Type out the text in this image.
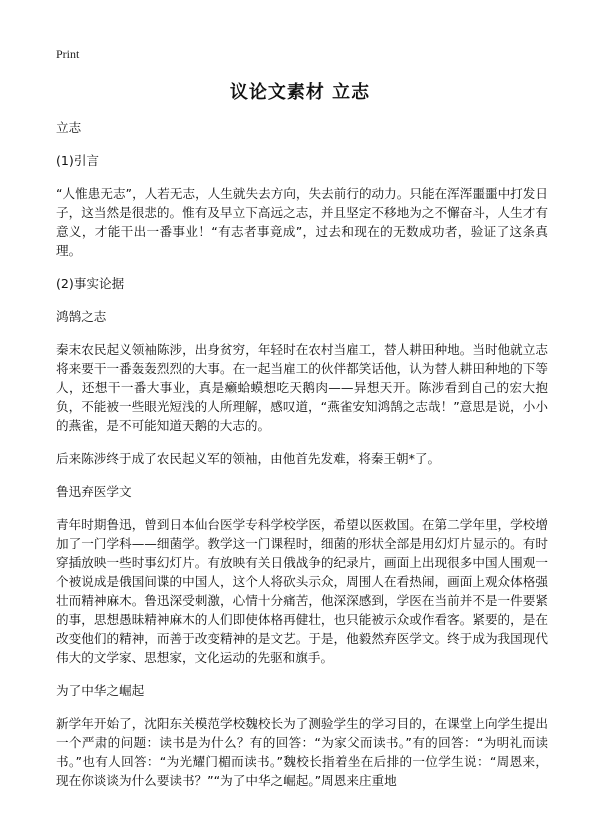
Print
议论文素材 立志

立志

(1)引言

“人惟患无志”，人若无志，人生就失去方向，失去前行的动力。只能在浑浑噩噩中打发日子，这当然是很悲的。惟有及早立下高远之志，并且坚定不移地为之不懈奋斗，人生才有意义，才能干出一番事业！“有志者事竟成”，过去和现在的无数成功者，验证了这条真理。

(2)事实论据

鸿鹄之志

秦末农民起义领袖陈涉，出身贫穷，年轻时在农村当雇工，替人耕田种地。当时他就立志将来要干一番轰轰烈烈的大事。在一起当雇工的伙伴都笑话他，认为替人耕田种地的下等人，还想干一番大事业，真是癞蛤蟆想吃天鹅肉——异想天开。陈涉看到自己的宏大抱负，不能被一些眼光短浅的人所理解，感叹道，“燕雀安知鸿鹄之志哉！”意思是说，小小的燕雀，是不可能知道天鹅的大志的。

后来陈涉终于成了农民起义军的领袖，由他首先发难，将秦王朝*了。

鲁迅弃医学文

青年时期鲁迅，曾到日本仙台医学专科学校学医，希望以医救国。在第二学年里，学校增加了一门学科——细菌学。教学这一门课程时，细菌的形状全部是用幻灯片显示的。有时穿插放映一些时事幻灯片。有放映有关日俄战争的纪录片，画面上出现很多中国人围观一个被说成是俄国间谍的中国人，这个人将砍头示众，周围人在看热闹，画面上观众体格强壮而精神麻木。鲁迅深受刺激，心情十分痛苦，他深深感到，学医在当前并不是一件要紧的事，思想愚昧精神麻木的人们即使体格再健壮，也只能被示众或作看客。紧要的，是在改变他们的精神，而善于改变精神的是文艺。于是，他毅然弃医学文。终于成为我国现代伟大的文学家、思想家，文化运动的先驱和旗手。

为了中华之崛起

新学年开始了，沈阳东关模范学校魏校长为了测验学生的学习目的，在课堂上向学生提出一个严肃的问题：读书是为什么？有的回答：“为家父而读书。”有的回答：“为明礼而读书。”也有人回答：“为光耀门楣而读书。”魏校长指着坐在后排的一位学生说：“周恩来，现在你谈谈为什么要读书？”“为了中华之崛起。”周恩来庄重地
